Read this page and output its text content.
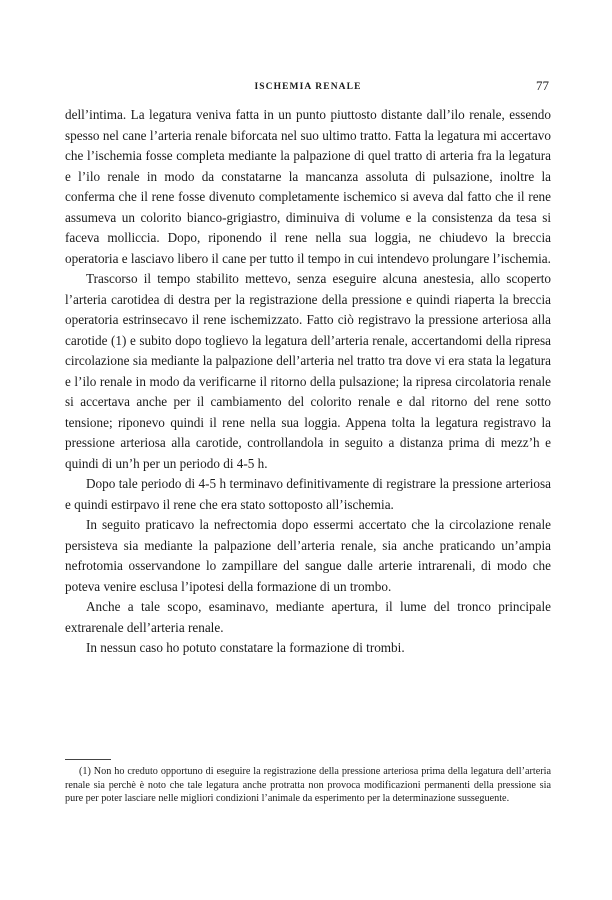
ISCHEMIA RENALE	77

dell’intima. La legatura veniva fatta in un punto piuttosto distante dall’ilo renale, essendo spesso nel cane l’arteria renale biforcata nel suo ultimo tratto. Fatta la legatura mi accertavo che l’ischemia fosse completa mediante la palpazione di quel tratto di arteria fra la legatura e l’ilo renale in modo da constatarne la mancanza assoluta di pulsazione, inoltre la conferma che il rene fosse divenuto completamente ischemico si aveva dal fatto che il rene assumeva un colorito bianco-grigiastro, diminuiva di volume e la consistenza da tesa si faceva molliccia. Dopo, riponendo il rene nella sua loggia, ne chiudevo la breccia operatoria e lasciavo libero il cane per tutto il tempo in cui intendevo prolungare l’ischemia.

Trascorso il tempo stabilito mettevo, senza eseguire alcuna anestesia, allo scoperto l’arteria carotidea di destra per la registrazione della pressione e quindi riaperta la breccia operatoria estrinsecavo il rene ischemizzato. Fatto ciò registravo la pressione arteriosa alla carotide (1) e subito dopo toglievo la legatura dell’arteria renale, accertandomi della ripresa circolazione sia mediante la palpazione dell’arteria nel tratto tra dove vi era stata la legatura e l’ilo renale in modo da verificarne il ritorno della pulsazione; la ripresa circolatoria renale si accertava anche per il cambiamento del colorito renale e dal ritorno del rene sotto tensione; riponevo quindi il rene nella sua loggia. Appena tolta la legatura registravo la pressione arteriosa alla carotide, controllandola in seguito a distanza prima di mezz’h e quindi di un’h per un periodo di 4-5 h.

Dopo tale periodo di 4-5 h terminavo definitivamente di registrare la pressione arteriosa e quindi estirpavo il rene che era stato sottoposto all’ischemia.

In seguito praticavo la nefrectomia dopo essermi accertato che la circolazione renale persisteva sia mediante la palpazione dell’arteria renale, sia anche praticando un’ampia nefrotomia osservandone lo zampillare del sangue dalle arterie intrarenali, di modo che poteva venire esclusa l’ipotesi della formazione di un trombo.

Anche a tale scopo, esaminavo, mediante apertura, il lume del tronco principale extrarenale dell’arteria renale.

In nessun caso ho potuto constatare la formazione di trombi.

(1) Non ho creduto opportuno di eseguire la registrazione della pressione arteriosa prima della legatura dell’arteria renale sia perchè è noto che tale legatura anche protratta non provoca modificazioni permanenti della pressione sia pure per poter lasciare nelle migliori condizioni l’animale da esperimento per la determinazione susseguente.
